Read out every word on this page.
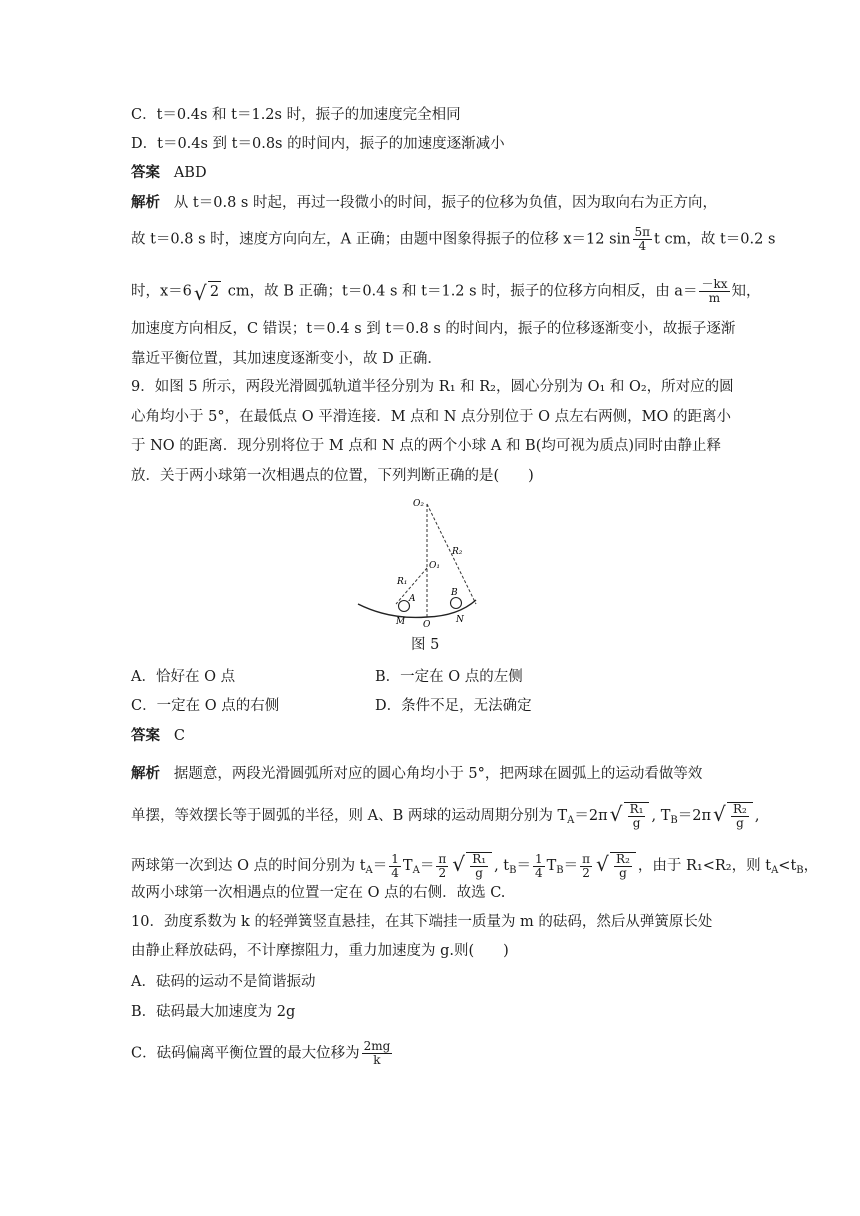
C．t＝0.4s 和 t＝1.2s 时，振子的加速度完全相同
D．t＝0.4s 到 t＝0.8s 的时间内，振子的加速度逐渐减小
答案 ABD
解析 从 t＝0.8 s 时起，再过一段微小的时间，振子的位移为负值，因为取向右为正方向，
故 t＝0.8 s 时，速度方向向左，A 正确；由题中图象得振子的位移 x＝12 $\sin \frac{5\pi}{4}$ t cm，故 t＝0.2 s
时，x＝6 √ 2 cm，故 B 正确；t＝0.4 s 和 t＝1.2 s 时，振子的位移方向相反，由 $a= \frac{-kx}{m}$ 知，
加速度方向相反，C 错误；t＝0.4 s 到 t＝0.8 s 的时间内，振子的位移逐渐变小，故振子逐渐
靠近平衡位置，其加速度逐渐变小，故 D 正确．
9．如图 5 所示，两段光滑圆弧轨道半径分别为 R₁ 和 R₂，圆心分别为 O₁ 和 O₂，所对应的圆
心角均小于 5°，在最低点 O 平滑连接．M 点和 N 点分别位于 O 点左右两侧，MO 的距离小
于 NO 的距离．现分别将位于 M 点和 N 点的两个小球 A 和 B(均可视为质点)同时由静止释
放．关于两小球第一次相遇点的位置，下列判断正确的是(　　)
O₂
O₁
R₂
R₁
A
B
M O	N
图 5
A．恰好在 O 点	B．一定在 O 点的左侧
C．一定在 O 点的右侧	D．条件不足，无法确定
答案 C
解析 据题意，两段光滑圆弧所对应的圆心角均小于 5°，把两球在圆弧上的运动看做等效
单摆，等效摆长等于圆弧的半径，则 A、B 两球的运动周期分别为 $T_A=2\pi$ √ $\frac{\text{R₁}}{g}$ , $T_B=2\pi$ √ $\frac{\text{R₂}}{g}$ ,
两球第一次到达 O 点的时间分别为 $t_A= \frac{1}{4} T_A= \frac{\pi}{2}$ √ $\frac{\text{R₁}}{g}$ , $t_B= \frac{1}{4} T_B= \frac{\pi}{2}$ √ $\frac{\text{R₂}}{g}$ ，由于 R₁<R₂，则 $t_A<t_B$，
故两小球第一次相遇点的位置一定在 O 点的右侧．故选 C.
10．劲度系数为 k 的轻弹簧竖直悬挂，在其下端挂一质量为 m 的砝码，然后从弹簧原长处
由静止释放砝码，不计摩擦阻力，重力加速度为 g.则(　　)
A．砝码的运动不是简谐振动
B．砝码最大加速度为 2g
C．砝码偏离平衡位置的最大位移为 $\frac{2mg}{k}$
